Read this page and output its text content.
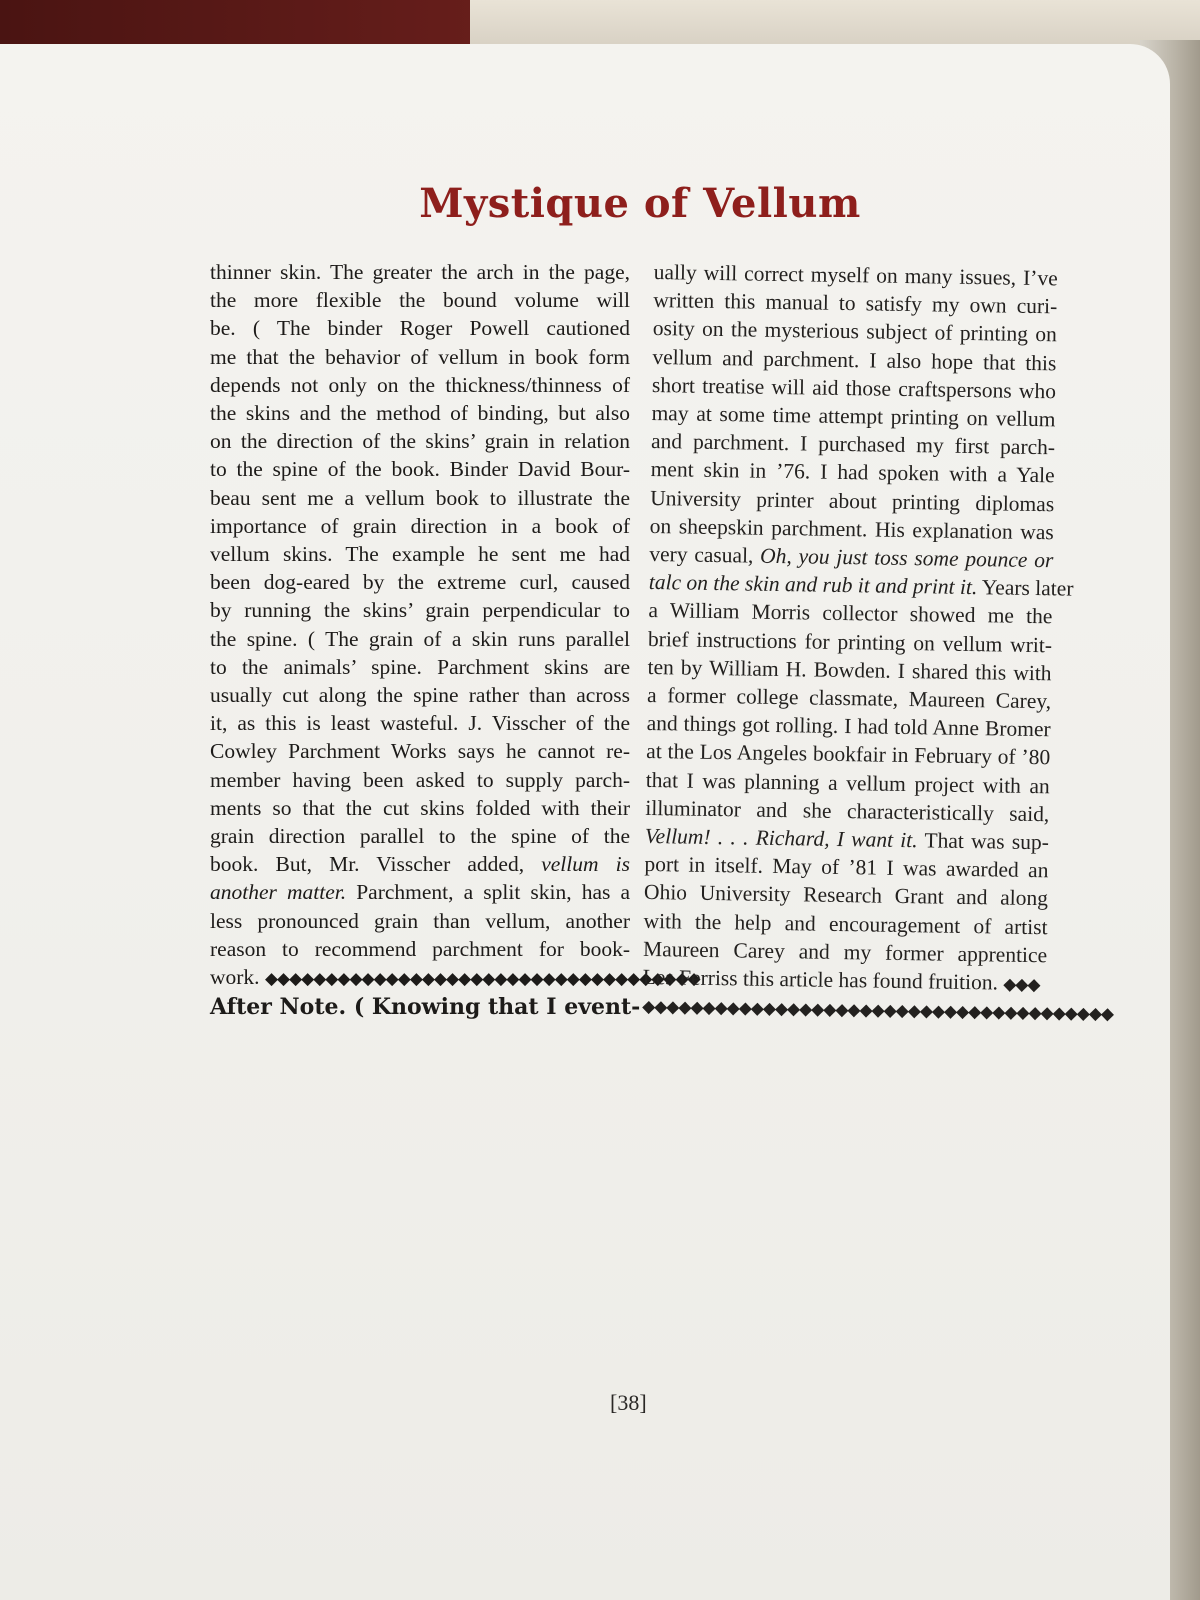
Mystique of Vellum
thinner skin. The greater the arch in the page,
the more flexible the bound volume will
be. ( The binder Roger Powell cautioned
me that the behavior of vellum in book form
depends not only on the thickness/thinness of
the skins and the method of binding, but also
on the direction of the skins’ grain in relation
to the spine of the book. Binder David Bour-
beau sent me a vellum book to illustrate the
importance of grain direction in a book of
vellum skins. The example he sent me had
been dog-eared by the extreme curl, caused
by running the skins’ grain perpendicular to
the spine. ( The grain of a skin runs parallel
to the animals’ spine. Parchment skins are
usually cut along the spine rather than across
it, as this is least wasteful. J. Visscher of the
Cowley Parchment Works says he cannot re-
member having been asked to supply parch-
ments so that the cut skins folded with their
grain direction parallel to the spine of the
book. But, Mr. Visscher added, vellum is
another matter. Parchment, a split skin, has a
less pronounced grain than vellum, another
reason to recommend parchment for book-
work. ◆◆◆◆◆◆◆◆◆◆◆◆◆◆◆◆◆◆◆◆◆◆◆◆◆◆◆◆◆◆◆◆◆◆◆◆
After Note. ( Knowing that I event-
ually will correct myself on many issues, I’ve
written this manual to satisfy my own curi-
osity on the mysterious subject of printing on
vellum and parchment. I also hope that this
short treatise will aid those craftspersons who
may at some time attempt printing on vellum
and parchment. I purchased my first parch-
ment skin in ’76. I had spoken with a Yale
University printer about printing diplomas
on sheepskin parchment. His explanation was
very casual, Oh, you just toss some pounce or
talc on the skin and rub it and print it. Years later
a William Morris collector showed me the
brief instructions for printing on vellum writ-
ten by William H. Bowden. I shared this with
a former college classmate, Maureen Carey,
and things got rolling. I had told Anne Bromer
at the Los Angeles bookfair in February of ’80
that I was planning a vellum project with an
illuminator and she characteristically said,
Vellum! . . . Richard, I want it. That was sup-
port in itself. May of ’81 I was awarded an
Ohio University Research Grant and along
with the help and encouragement of artist
Maureen Carey and my former apprentice
Les Ferriss this article has found fruition. ◆◆◆
◆◆◆◆◆◆◆◆◆◆◆◆◆◆◆◆◆◆◆◆◆◆◆◆◆◆◆◆◆◆◆◆◆◆◆◆◆◆◆
[38]
